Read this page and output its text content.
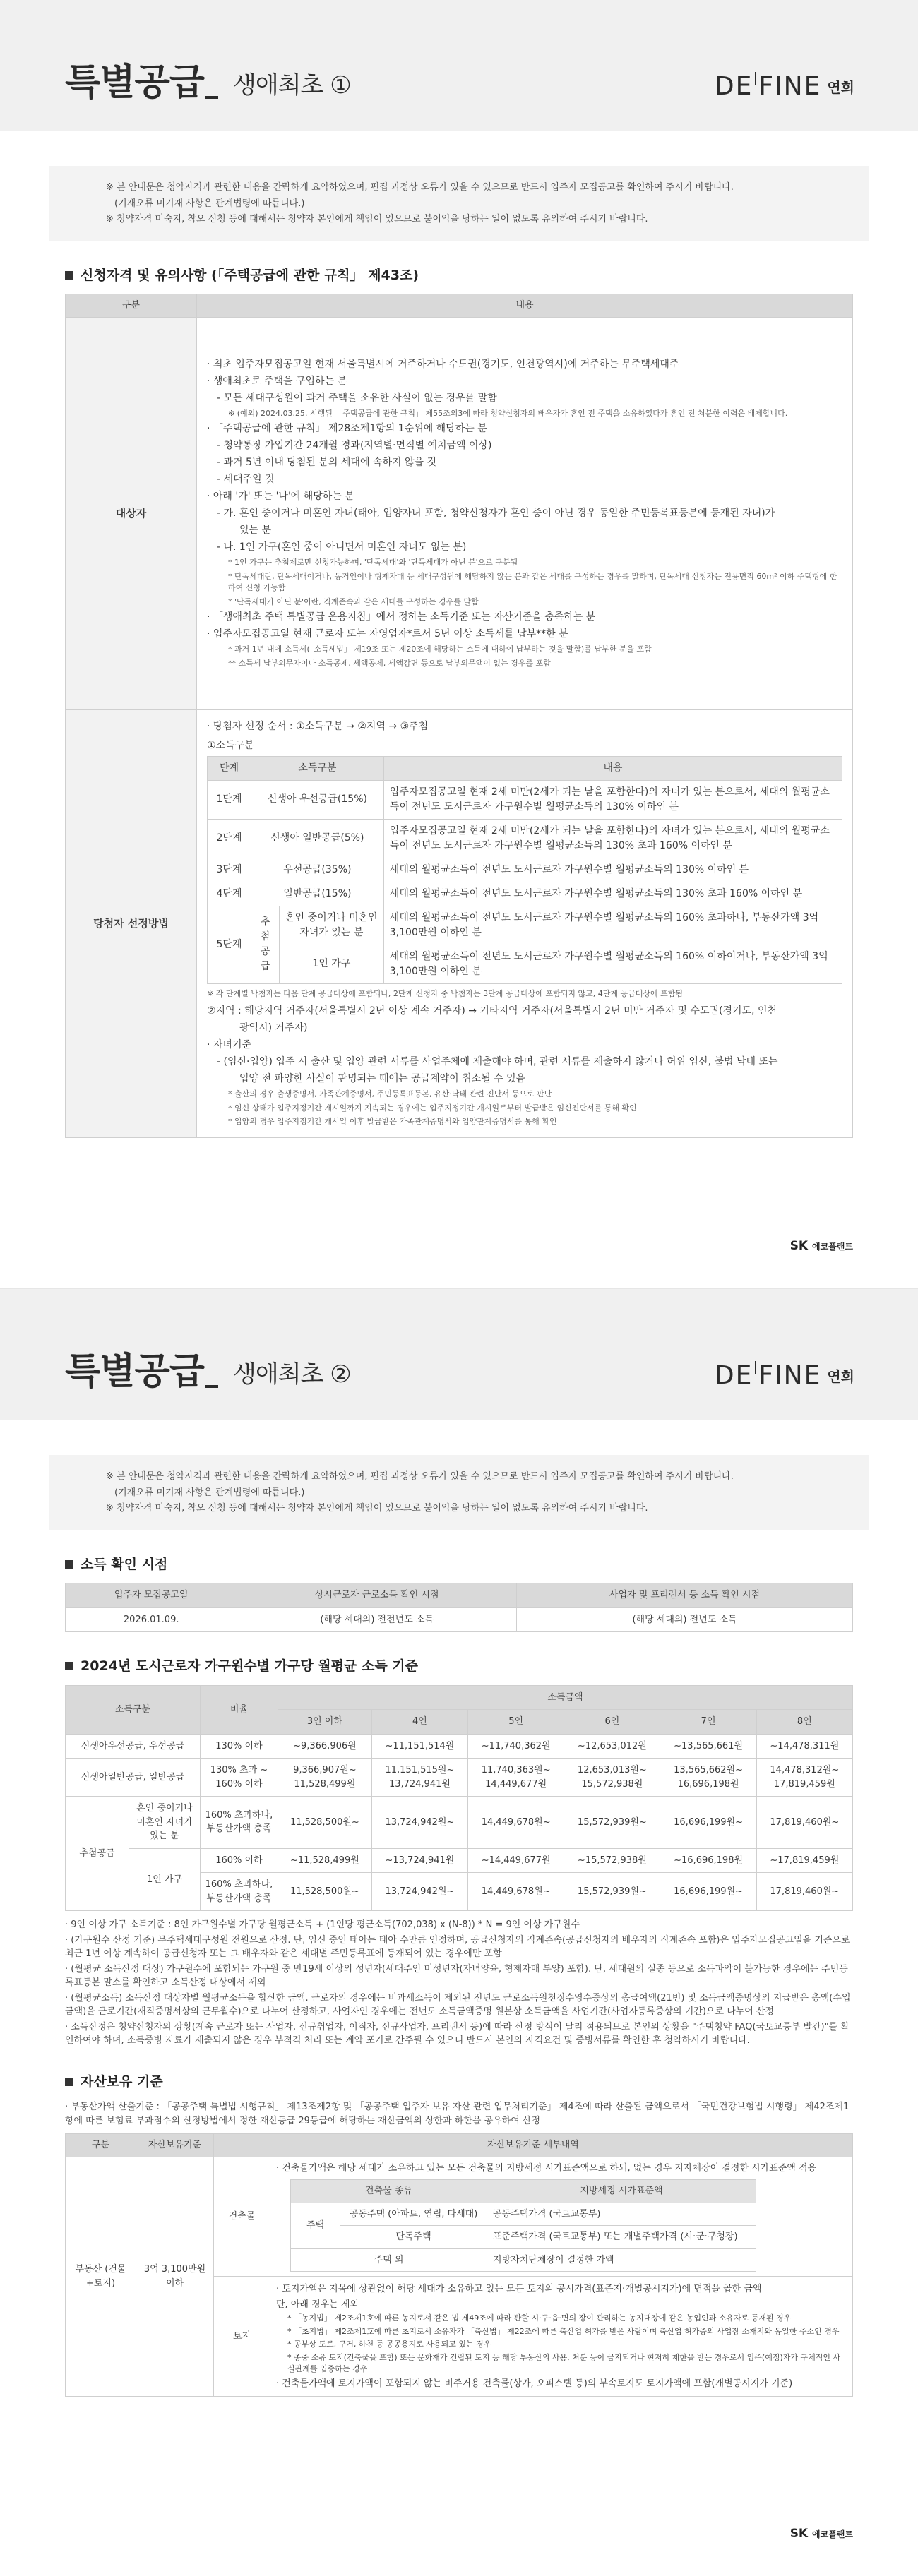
특별공급 생애최초 ①	DE FINE 연희

※ 본 안내문은 청약자격과 관련한 내용을 간략하게 요약하였으며, 편집 과정상 오류가 있을 수 있으므로 반드시 입주자 모집공고를 확인하여 주시기 바랍니다.

(기재오류 미기재 사항은 관계법령에 따릅니다.)

※ 청약자격 미숙지, 착오 신청 등에 대해서는 청약자 본인에게 책임이 있으므로 불이익을 당하는 일이 없도록 유의하여 주시기 바랍니다.

신청자격 및 유의사항 (「주택공급에 관한 규칙」 제43조)
구분	내용
대상자	
· 최초 입주자모집공고일 현재 서울특별시에 거주하거나 수도권(경기도, 인천광역시)에 거주하는 무주택세대주
· 생애최초로 주택을 구입하는 분
- 모든 세대구성원이 과거 주택을 소유한 사실이 없는 경우를 말함
※ (예외) 2024.03.25. 시행된 「주택공급에 관한 규칙」 제55조의3에 따라 청약신청자의 배우자가 혼인 전 주택을 소유하였다가 혼인 전 처분한 이력은 배제합니다.
· 「주택공급에 관한 규칙」 제28조제1항의 1순위에 해당하는 분
- 청약통장 가입기간 24개월 경과(지역별·면적별 예치금액 이상)
- 과거 5년 이내 당첨된 분의 세대에 속하지 않을 것
- 세대주일 것
· 아래 '가' 또는 '나'에 해당하는 분
- 가. 혼인 중이거나 미혼인 자녀(태아, 입양자녀 포함, 청약신청자가 혼인 중이 아닌 경우 동일한 주민등록표등본에 등재된 자녀)가
있는 분
- 나. 1인 가구(혼인 중이 아니면서 미혼인 자녀도 없는 분)
* 1인 가구는 추첨제로만 신청가능하며, '단독세대'와 '단독세대가 아닌 분'으로 구분됨
* 단독세대란, 단독세대이거나, 동거인이나 형제자매 등 세대구성원에 해당하지 않는 분과 같은 세대를 구성하는 경우를 말하며, 단독세대 신청자는 전용면적 60m² 이하 주택형에 한하여 신청 가능함
* '단독세대가 아닌 분'이란, 직계존속과 같은 세대를 구성하는 경우를 말함
· 「생애최초 주택 특별공급 운용지침」에서 정하는 소득기준 또는 자산기준을 충족하는 분
· 입주자모집공고일 현재 근로자 또는 자영업자*로서 5년 이상 소득세를 납부**한 분
* 과거 1년 내에 소득세(「소득세법」 제19조 또는 제20조에 해당하는 소득에 대하여 납부하는 것을 말함)를 납부한 분을 포함
** 소득세 납부의무자이나 소득공제, 세액공제, 세액감면 등으로 납부의무액이 없는 경우를 포함

당첨자 선정방법	
· 당첨자 선정 순서 : ①소득구분 → ②지역 → ③추첨
①소득구분
단계	소득구분	내용
1단계	신생아 우선공급(15%)	입주자모집공고일 현재 2세 미만(2세가 되는 날을 포함한다)의 자녀가 있는 분으로서, 세대의 월평균소득이 전년도 도시근로자 가구원수별 월평균소득의 130% 이하인 분
2단계	신생아 일반공급(5%)	입주자모집공고일 현재 2세 미만(2세가 되는 날을 포함한다)의 자녀가 있는 분으로서, 세대의 월평균소득이 전년도 도시근로자 가구원수별 월평균소득의 130% 초과 160% 이하인 분
3단계	우선공급(35%)	세대의 월평균소득이 전년도 도시근로자 가구원수별 월평균소득의 130% 이하인 분
4단계	일반공급(15%)	세대의 월평균소득이 전년도 도시근로자 가구원수별 월평균소득의 130% 초과 160% 이하인 분
5단계	추첨 공급	혼인 중이거나 미혼인 자녀가 있는 분	세대의 월평균소득이 전년도 도시근로자 가구원수별 월평균소득의 160% 초과하나, 부동산가액 3억 3,100만원 이하인 분
1인 가구	세대의 월평균소득이 전년도 도시근로자 가구원수별 월평균소득의 160% 이하이거나, 부동산가액 3억 3,100만원 이하인 분
※ 각 단계별 낙첨자는 다음 단계 공급대상에 포함되나, 2단계 신청자 중 낙첨자는 3단계 공급대상에 포함되지 않고, 4단계 공급대상에 포함됨
②지역 : 해당지역 거주자(서울특별시 2년 이상 계속 거주자) → 기타지역 거주자(서울특별시 2년 미만 거주자 및 수도권(경기도, 인천
광역시) 거주자)
· 자녀기준
- (임신·입양) 입주 시 출산 및 입양 관련 서류를 사업주체에 제출해야 하며, 관련 서류를 제출하지 않거나 허위 임신, 불법 낙태 또는
입양 전 파양한 사실이 판명되는 때에는 공급계약이 취소될 수 있음
* 출산의 경우 출생증명서, 가족관계증명서, 주민등록표등본, 유산·낙태 관련 진단서 등으로 판단
* 임신 상태가 입주지정기간 개시일까지 지속되는 경우에는 입주지정기간 개시일로부터 발급받은 임신진단서를 통해 확인
* 입양의 경우 입주지정기간 개시일 이후 발급받은 가족관계증명서와 입양관계증명서를 통해 확인
SK 에코플랜트
특별공급 생애최초 ②	DE FINE 연희

※ 본 안내문은 청약자격과 관련한 내용을 간략하게 요약하였으며, 편집 과정상 오류가 있을 수 있으므로 반드시 입주자 모집공고를 확인하여 주시기 바랍니다.

(기재오류 미기재 사항은 관계법령에 따릅니다.)

※ 청약자격 미숙지, 착오 신청 등에 대해서는 청약자 본인에게 책임이 있으므로 불이익을 당하는 일이 없도록 유의하여 주시기 바랍니다.

소득 확인 시점
입주자 모집공고일	상시근로자 근로소득 확인 시점	사업자 및 프리랜서 등 소득 확인 시점
2026.01.09.	(해당 세대의) 전전년도 소득	(해당 세대의) 전년도 소득
2024년 도시근로자 가구원수별 가구당 월평균 소득 기준
소득구분		비율	소득금액					
			3인 이하	4인	5인	6인	7인	8인
신생아우선공급, 우선공급		130% 이하	~9,366,906원	~11,151,514원	~11,740,362원	~12,653,012원	~13,565,661원	~14,478,311원
신생아일반공급, 일반공급		130% 초과 ~ 160% 이하	9,366,907원~ 11,528,499원	11,151,515원~ 13,724,941원	11,740,363원~ 14,449,677원	12,653,013원~ 15,572,938원	13,565,662원~ 16,696,198원	14,478,312원~ 17,819,459원
추첨공급	혼인 중이거나 미혼인 자녀가 있는 분	160% 초과하나, 부동산가액 충족	11,528,500원~	13,724,942원~	14,449,678원~	15,572,939원~	16,696,199원~	17,819,460원~
	1인 가구	160% 이하	~11,528,499원	~13,724,941원	~14,449,677원	~15,572,938원	~16,696,198원	~17,819,459원
		160% 초과하나, 부동산가액 충족	11,528,500원~	13,724,942원~	14,449,678원~	15,572,939원~	16,696,199원~	17,819,460원~
· 9인 이상 가구 소득기준 : 8인 가구원수별 가구당 월평균소득 + (1인당 평균소득(702,038) x (N-8)) * N = 9인 이상 가구원수
· (가구원수 산정 기준) 무주택세대구성원 전원으로 산정. 단, 임신 중인 태아는 태아 수만큼 인정하며, 공급신청자의 직계존속(공급신청자의 배우자의 직계존속 포함)은 입주자모집공고일을 기준으로 최근 1년 이상 계속하여 공급신청자 또는 그 배우자와 같은 세대별 주민등록표에 등재되어 있는 경우에만 포함
· (월평균 소득산정 대상) 가구원수에 포함되는 가구원 중 만19세 이상의 성년자(세대주인 미성년자(자녀양육, 형제자매 부양) 포함). 단, 세대원의 실종 등으로 소득파악이 불가능한 경우에는 주민등록표등본 말소를 확인하고 소득산정 대상에서 제외
· (월평균소득) 소득산정 대상자별 월평균소득을 합산한 금액. 근로자의 경우에는 비과세소득이 제외된 전년도 근로소득원천징수영수증상의 총급여액(21번) 및 소득금액증명상의 지급받은 총액(수입금액)을 근로기간(재직증명서상의 근무월수)으로 나누어 산정하고, 사업자인 경우에는 전년도 소득금액증명 원본상 소득금액을 사업기간(사업자등록증상의 기간)으로 나누어 산정
· 소득산정은 청약신청자의 상황(계속 근로자 또는 사업자, 신규취업자, 이직자, 신규사업자, 프리랜서 등)에 따라 산정 방식이 달리 적용되므로 본인의 상황을 "주택청약 FAQ(국토교통부 발간)"를 확인하여야 하며, 소득증빙 자료가 제출되지 않은 경우 부적격 처리 또는 계약 포기로 간주될 수 있으니 반드시 본인의 자격요건 및 증빙서류를 확인한 후 청약하시기 바랍니다.
자산보유 기준
· 부동산가액 산출기준 : 「공공주택 특별법 시행규칙」 제13조제2항 및 「공공주택 입주자 보유 자산 관련 업무처리기준」 제4조에 따라 산출된 금액으로서 「국민건강보험법 시행령」 제42조제1항에 따른 보험료 부과점수의 산정방법에서 정한 재산등급 29등급에 해당하는 재산금액의 상한과 하한을 공유하여 산정
구분	자산보유기준	자산보유기준 세부내역
부동산 (건물+토지)	3억 3,100만원 이하	건축물	
· 건축물가액은 해당 세대가 소유하고 있는 모든 건축물의 지방세정 시가표준액으로 하되, 없는 경우 지자체장이 결정한 시가표준액 적용
건축물 종류	지방세정 시가표준액
주택	공동주택 (아파트, 연립, 다세대)	공동주택가격 (국토교통부)
단독주택	표준주택가격 (국토교통부) 또는 개별주택가격 (시·군·구청장)
주택 외	지방자치단체장이 결정한 가액

토지	
· 토지가액은 지목에 상관없이 해당 세대가 소유하고 있는 모든 토지의 공시가격(표준지·개별공시지가)에 면적을 곱한 금액
단, 아래 경우는 제외
* 「농지법」 제2조제1호에 따른 농지로서 같은 법 제49조에 따라 관할 시·구·읍·면의 장이 관리하는 농지대장에 같은 농업인과 소유자로 등재된 경우
* 「초지법」 제2조제1호에 따른 초지로서 소유자가 「축산법」 제22조에 따른 축산업 허가를 받은 사람이며 축산업 허가증의 사업장 소재지와 동일한 주소인 경우
* 공부상 도로, 구거, 하천 등 공공용지로 사용되고 있는 경우
* 종중 소유 토지(건축물을 포함) 또는 문화재가 건립된 토지 등 해당 부동산의 사용, 처분 등이 금지되거나 현저히 제한을 받는 경우로서 입주(예정)자가 구체적인 사실관계를 입증하는 경우
· 건축물가액에 토지가액이 포함되지 않는 비주거용 건축물(상가, 오피스텔 등)의 부속토지도 토지가액에 포함(개별공시지가 기준)
SK 에코플랜트
